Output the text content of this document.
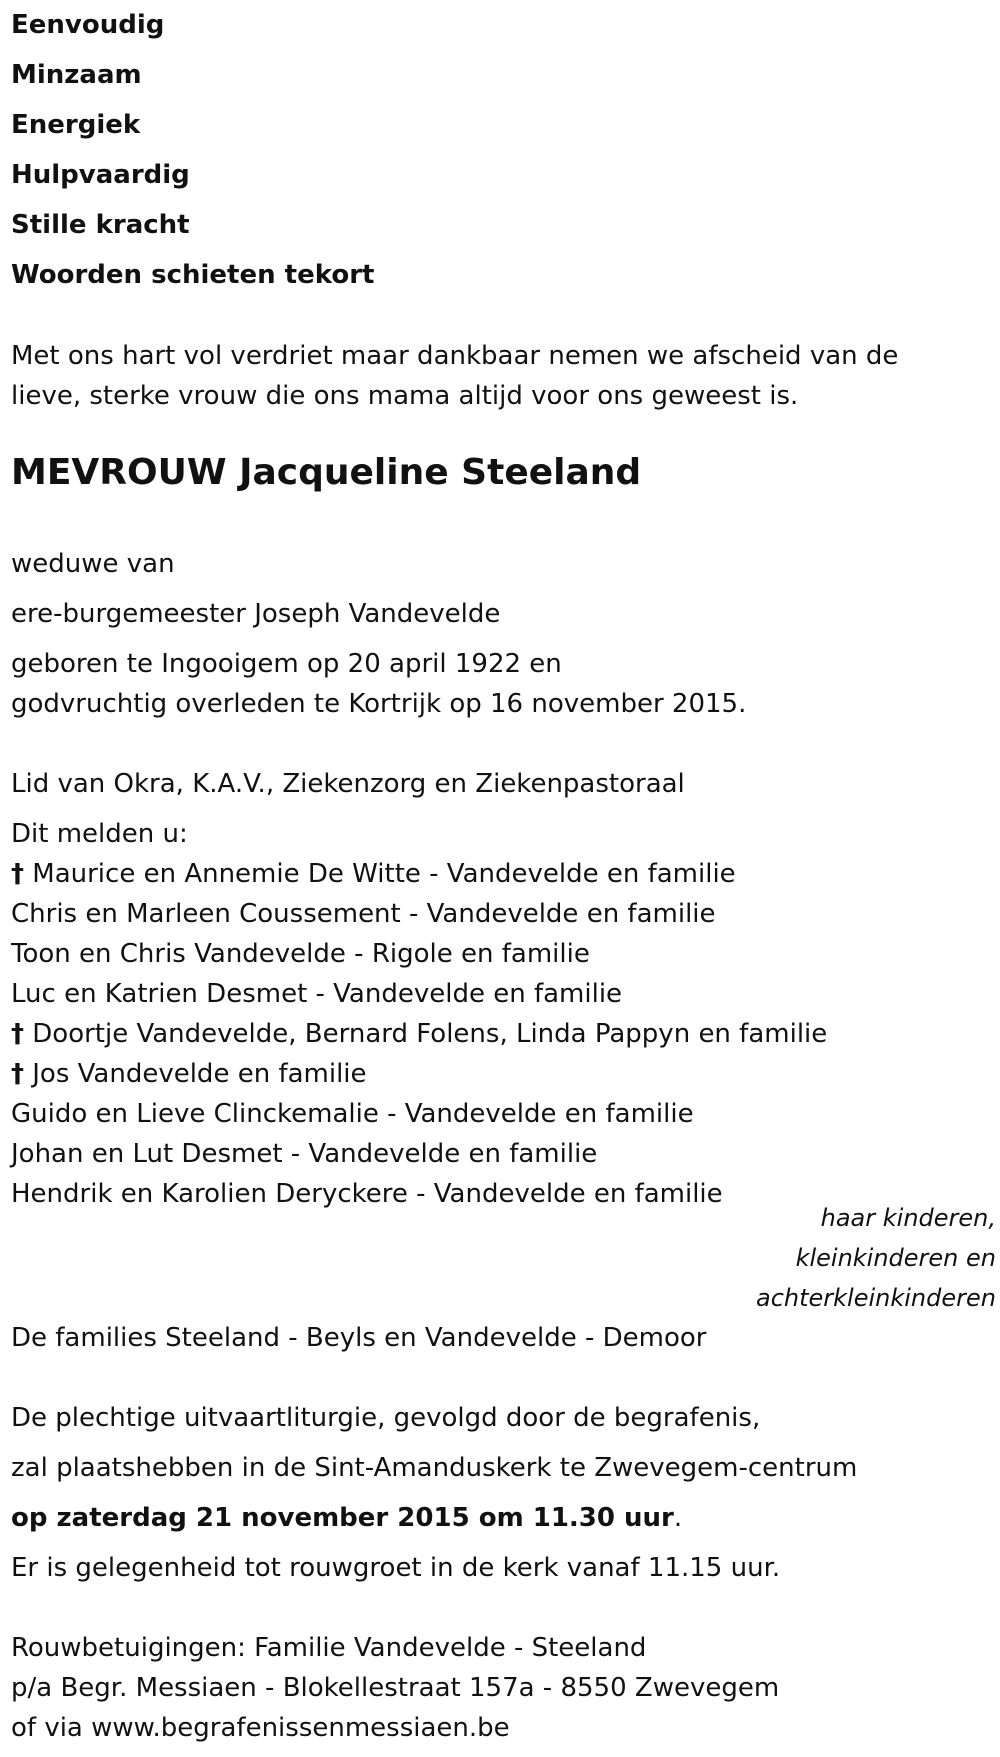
Eenvoudig
Minzaam
Energiek
Hulpvaardig
Stille kracht
Woorden schieten tekort
Met ons hart vol verdriet maar dankbaar nemen we afscheid van de
lieve, sterke vrouw die ons mama altijd voor ons geweest is.
MEVROUW Jacqueline Steeland
weduwe van
ere-burgemeester Joseph Vandevelde
geboren te Ingooigem op 20 april 1922 en
godvruchtig overleden te Kortrijk op 16 november 2015.
Lid van Okra, K.A.V., Ziekenzorg en Ziekenpastoraal
Dit melden u:
† Maurice en Annemie De Witte - Vandevelde en familie
Chris en Marleen Coussement - Vandevelde en familie
Toon en Chris Vandevelde - Rigole en familie
Luc en Katrien Desmet - Vandevelde en familie
† Doortje Vandevelde, Bernard Folens, Linda Pappyn en familie
† Jos Vandevelde en familie
Guido en Lieve Clinckemalie - Vandevelde en familie
Johan en Lut Desmet - Vandevelde en familie
Hendrik en Karolien Deryckere - Vandevelde en familie
haar kinderen,
kleinkinderen en
achterkleinkinderen
De families Steeland - Beyls en Vandevelde - Demoor
De plechtige uitvaartliturgie, gevolgd door de begrafenis,
zal plaatshebben in de Sint-Amanduskerk te Zwevegem-centrum
op zaterdag 21 november 2015 om 11.30 uur.
Er is gelegenheid tot rouwgroet in de kerk vanaf 11.15 uur.
Rouwbetuigingen: Familie Vandevelde - Steeland
p/a Begr. Messiaen - Blokellestraat 157a - 8550 Zwevegem
of via www.begrafenissenmessiaen.be
